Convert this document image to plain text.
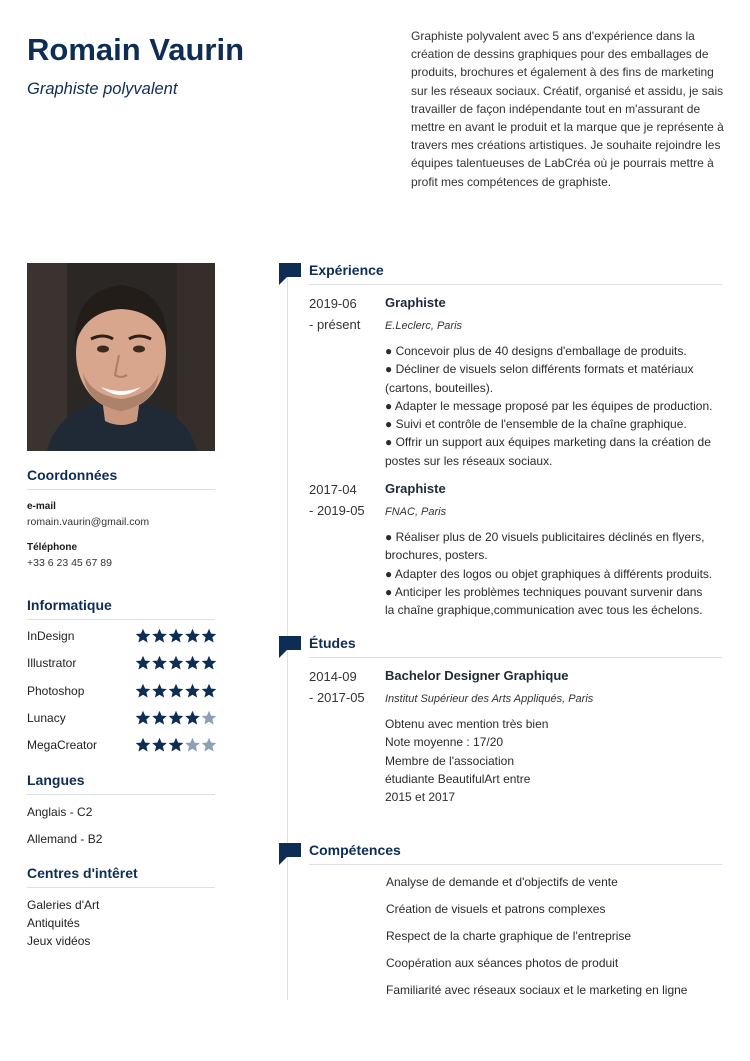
Romain Vaurin
Graphiste polyvalent
Graphiste polyvalent avec 5 ans d'expérience dans la création de dessins graphiques pour des emballages de produits, brochures et également à des fins de marketing sur les réseaux sociaux. Créatif, organisé et assidu, je sais travailler de façon indépendante tout en m'assurant de mettre en avant le produit et la marque que je représente à travers mes créations artistiques. Je souhaite rejoindre les équipes talentueuses de LabCréa où je pourrais mettre à profit mes compétences de graphiste.
Coordonnées
e-mail
romain.vaurin@gmail.com
Téléphone
+33 6 23 45 67 89
Informatique
InDesign
Illustrator
Photoshop
Lunacy
MegaCreator
Langues
Anglais - C2
Allemand - B2
Centres d'intêret
Galeries d'Art
Antiquités
Jeux vidéos
Expérience
2019-06
- présent
Graphiste
E.Leclerc, Paris
● Concevoir plus de 40 designs d'emballage de produits.
● Décliner de visuels selon différents formats et matériaux (cartons, bouteilles).
● Adapter le message proposé par les équipes de production.
● Suivi et contrôle de l'ensemble de la chaîne graphique.
● Offrir un support aux équipes marketing dans la création de postes sur les réseaux sociaux.
2017-04
- 2019-05
Graphiste
FNAC, Paris
● Réaliser plus de 20 visuels publicitaires déclinés en flyers, brochures, posters.
● Adapter des logos ou objet graphiques à différents produits.
● Anticiper les problèmes techniques pouvant survenir dans la chaîne graphique,communication avec tous les échelons.
Études
2014-09
- 2017-05
Bachelor Designer Graphique
Institut Supérieur des Arts Appliqués, Paris
Obtenu avec mention très bien
Note moyenne : 17/20
Membre de l'association
étudiante BeautifulArt entre
2015 et 2017
Compétences
Analyse de demande et d'objectifs de vente
Création de visuels et patrons complexes
Respect de la charte graphique de l'entreprise
Coopération aux séances photos de produit
Familiarité avec réseaux sociaux et le marketing en ligne
